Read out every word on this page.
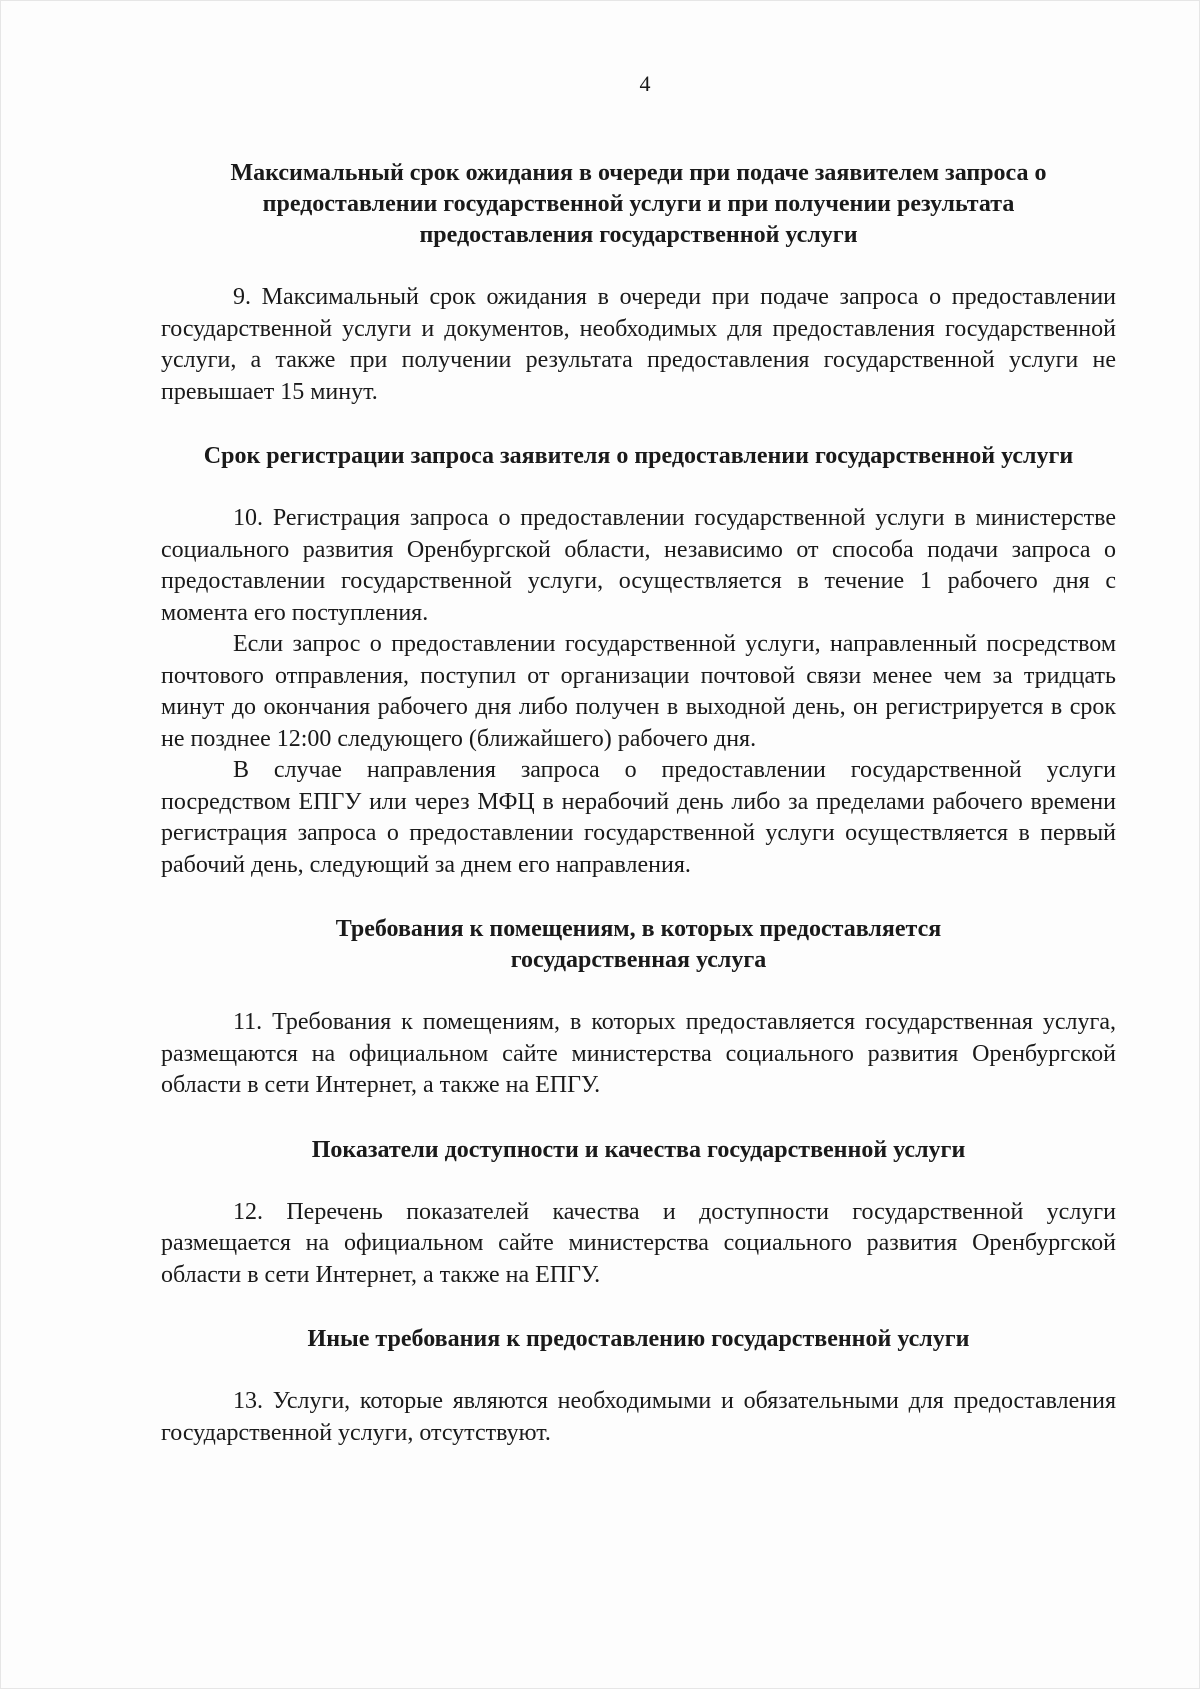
4

Максимальный срок ожидания в очереди при подаче заявителем запроса о предоставлении государственной услуги и при получении результата предоставления государственной услуги

9. Максимальный срок ожидания в очереди при подаче запроса о предоставлении государственной услуги и документов, необходимых для предоставления государственной услуги, а также при получении результата предоставления государственной услуги не превышает 15 минут.

Срок регистрации запроса заявителя о предоставлении государственной услуги

10. Регистрация запроса о предоставлении государственной услуги в министерстве социального развития Оренбургской области, независимо от способа подачи запроса о предоставлении государственной услуги, осуществляется в течение 1 рабочего дня с момента его поступления.

Если запрос о предоставлении государственной услуги, направленный посредством почтового отправления, поступил от организации почтовой связи менее чем за тридцать минут до окончания рабочего дня либо получен в выходной день, он регистрируется в срок не позднее 12:00 следующего (ближайшего) рабочего дня.

В случае направления запроса о предоставлении государственной услуги посредством ЕПГУ или через МФЦ в нерабочий день либо за пределами рабочего времени регистрация запроса о предоставлении государственной услуги осуществляется в первый рабочий день, следующий за днем его направления.

Требования к помещениям, в которых предоставляется государственная услуга

11. Требования к помещениям, в которых предоставляется государственная услуга, размещаются на официальном сайте министерства социального развития Оренбургской области в сети Интернет, а также на ЕПГУ.

Показатели доступности и качества государственной услуги

12. Перечень показателей качества и доступности государственной услуги размещается на официальном сайте министерства социального развития Оренбургской области в сети Интернет, а также на ЕПГУ.

Иные требования к предоставлению государственной услуги

13. Услуги, которые являются необходимыми и обязательными для предоставления государственной услуги, отсутствуют.
